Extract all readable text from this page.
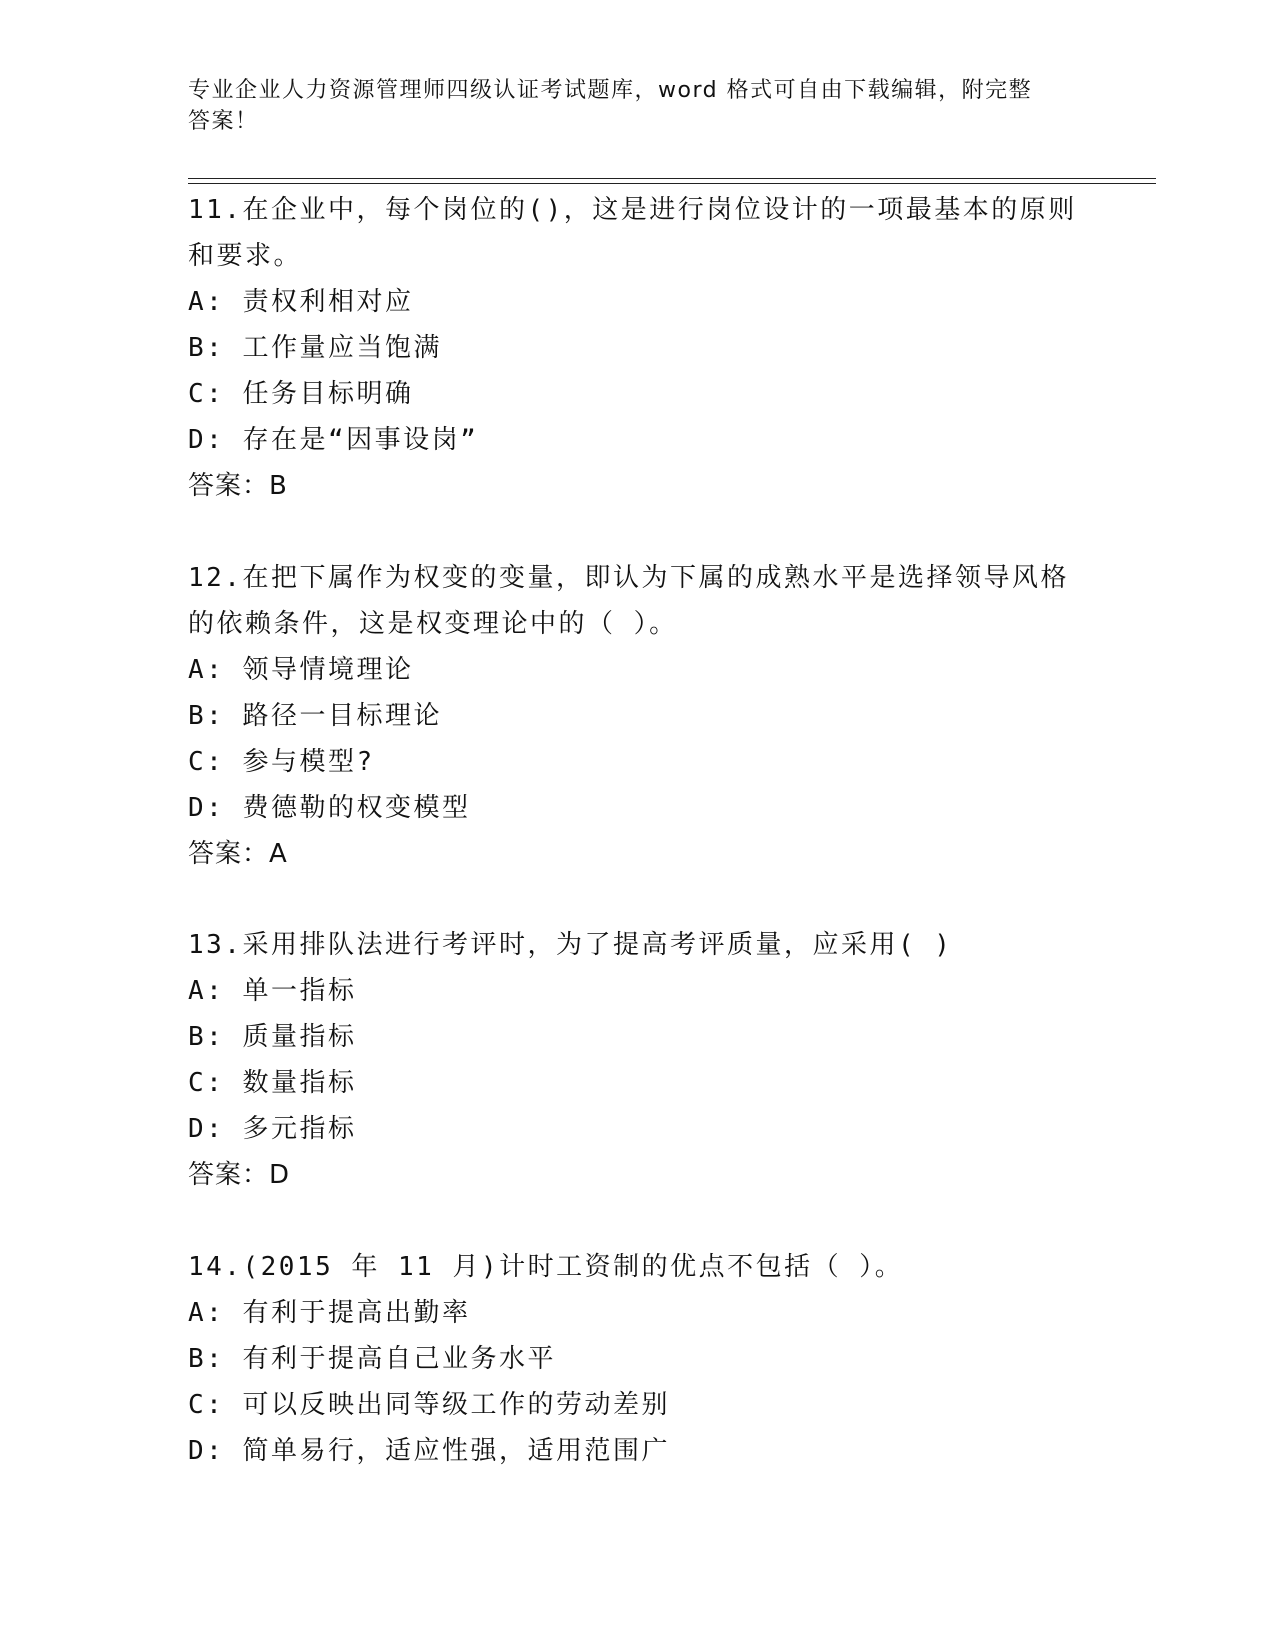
专业企业人力资源管理师四级认证考试题库，word 格式可自由下载编辑，附完整
答案！
11.在企业中，每个岗位的()，这是进行岗位设计的一项最基本的原则
和要求。
A: 责权利相对应
B: 工作量应当饱满
C: 任务目标明确
D: 存在是“因事设岗”
答案：B
12.在把下属作为权变的变量，即认为下属的成熟水平是选择领导风格
的依赖条件，这是权变理论中的（ ）。
A: 领导情境理论
B: 路径一目标理论
C: 参与模型?
D: 费德勒的权变模型
答案：A
13.采用排队法进行考评时，为了提高考评质量，应采用( )
A: 单一指标
B: 质量指标
C: 数量指标
D: 多元指标
答案：D
14.(2015 年 11 月)计时工资制的优点不包括（ ）。
A: 有利于提高出勤率
B: 有利于提高自己业务水平
C: 可以反映出同等级工作的劳动差别
D: 简单易行，适应性强，适用范围广
